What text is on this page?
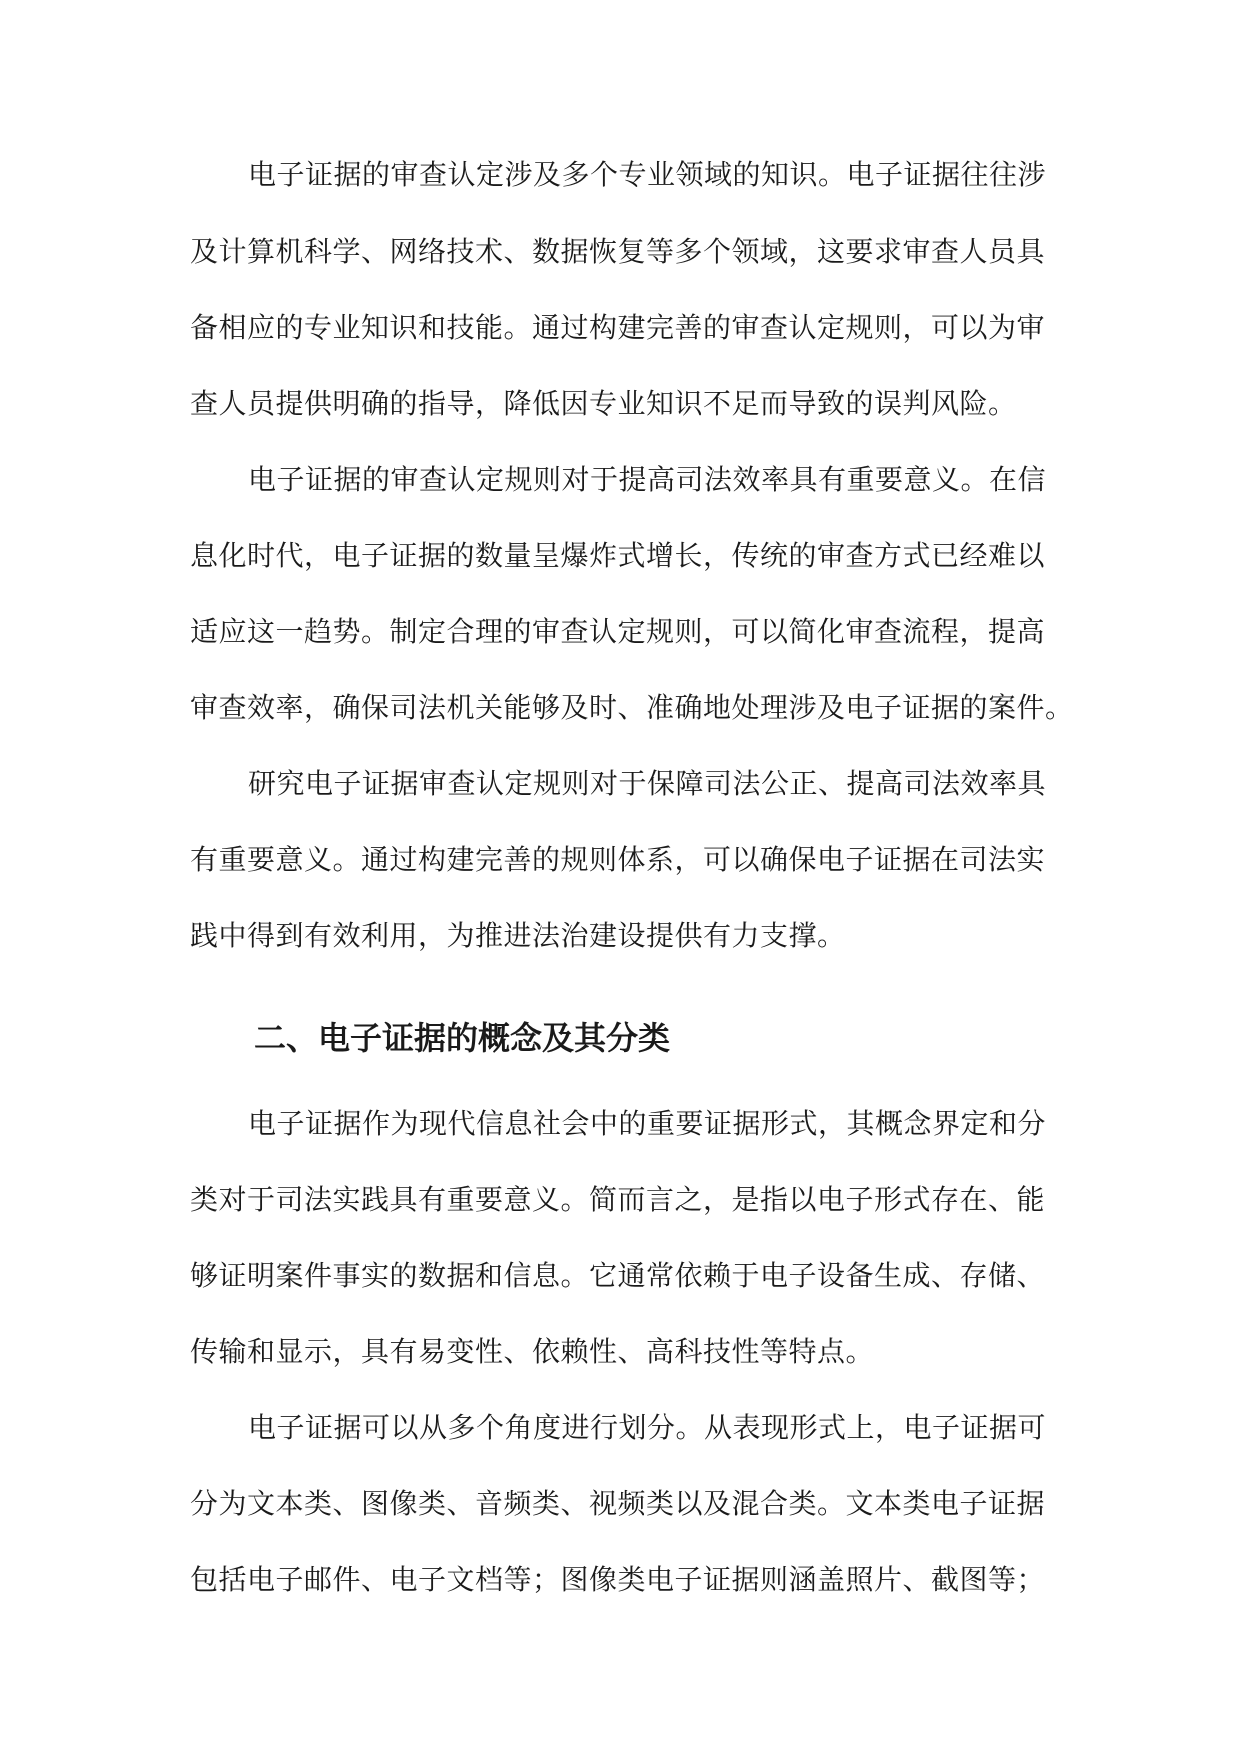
电子证据的审查认定涉及多个专业领域的知识。电子证据往往涉
及计算机科学、网络技术、数据恢复等多个领域，这要求审查人员具
备相应的专业知识和技能。通过构建完善的审查认定规则，可以为审
查人员提供明确的指导，降低因专业知识不足而导致的误判风险。
电子证据的审查认定规则对于提高司法效率具有重要意义。在信
息化时代，电子证据的数量呈爆炸式增长，传统的审查方式已经难以
适应这一趋势。制定合理的审查认定规则，可以简化审查流程，提高
审查效率，确保司法机关能够及时、准确地处理涉及电子证据的案件。
研究电子证据审查认定规则对于保障司法公正、提高司法效率具
有重要意义。通过构建完善的规则体系，可以确保电子证据在司法实
践中得到有效利用，为推进法治建设提供有力支撑。
二、电子证据的概念及其分类
电子证据作为现代信息社会中的重要证据形式，其概念界定和分
类对于司法实践具有重要意义。简而言之，是指以电子形式存在、能
够证明案件事实的数据和信息。它通常依赖于电子设备生成、存储、
传输和显示，具有易变性、依赖性、高科技性等特点。
电子证据可以从多个角度进行划分。从表现形式上，电子证据可
分为文本类、图像类、音频类、视频类以及混合类。文本类电子证据
包括电子邮件、电子文档等；图像类电子证据则涵盖照片、截图等；
